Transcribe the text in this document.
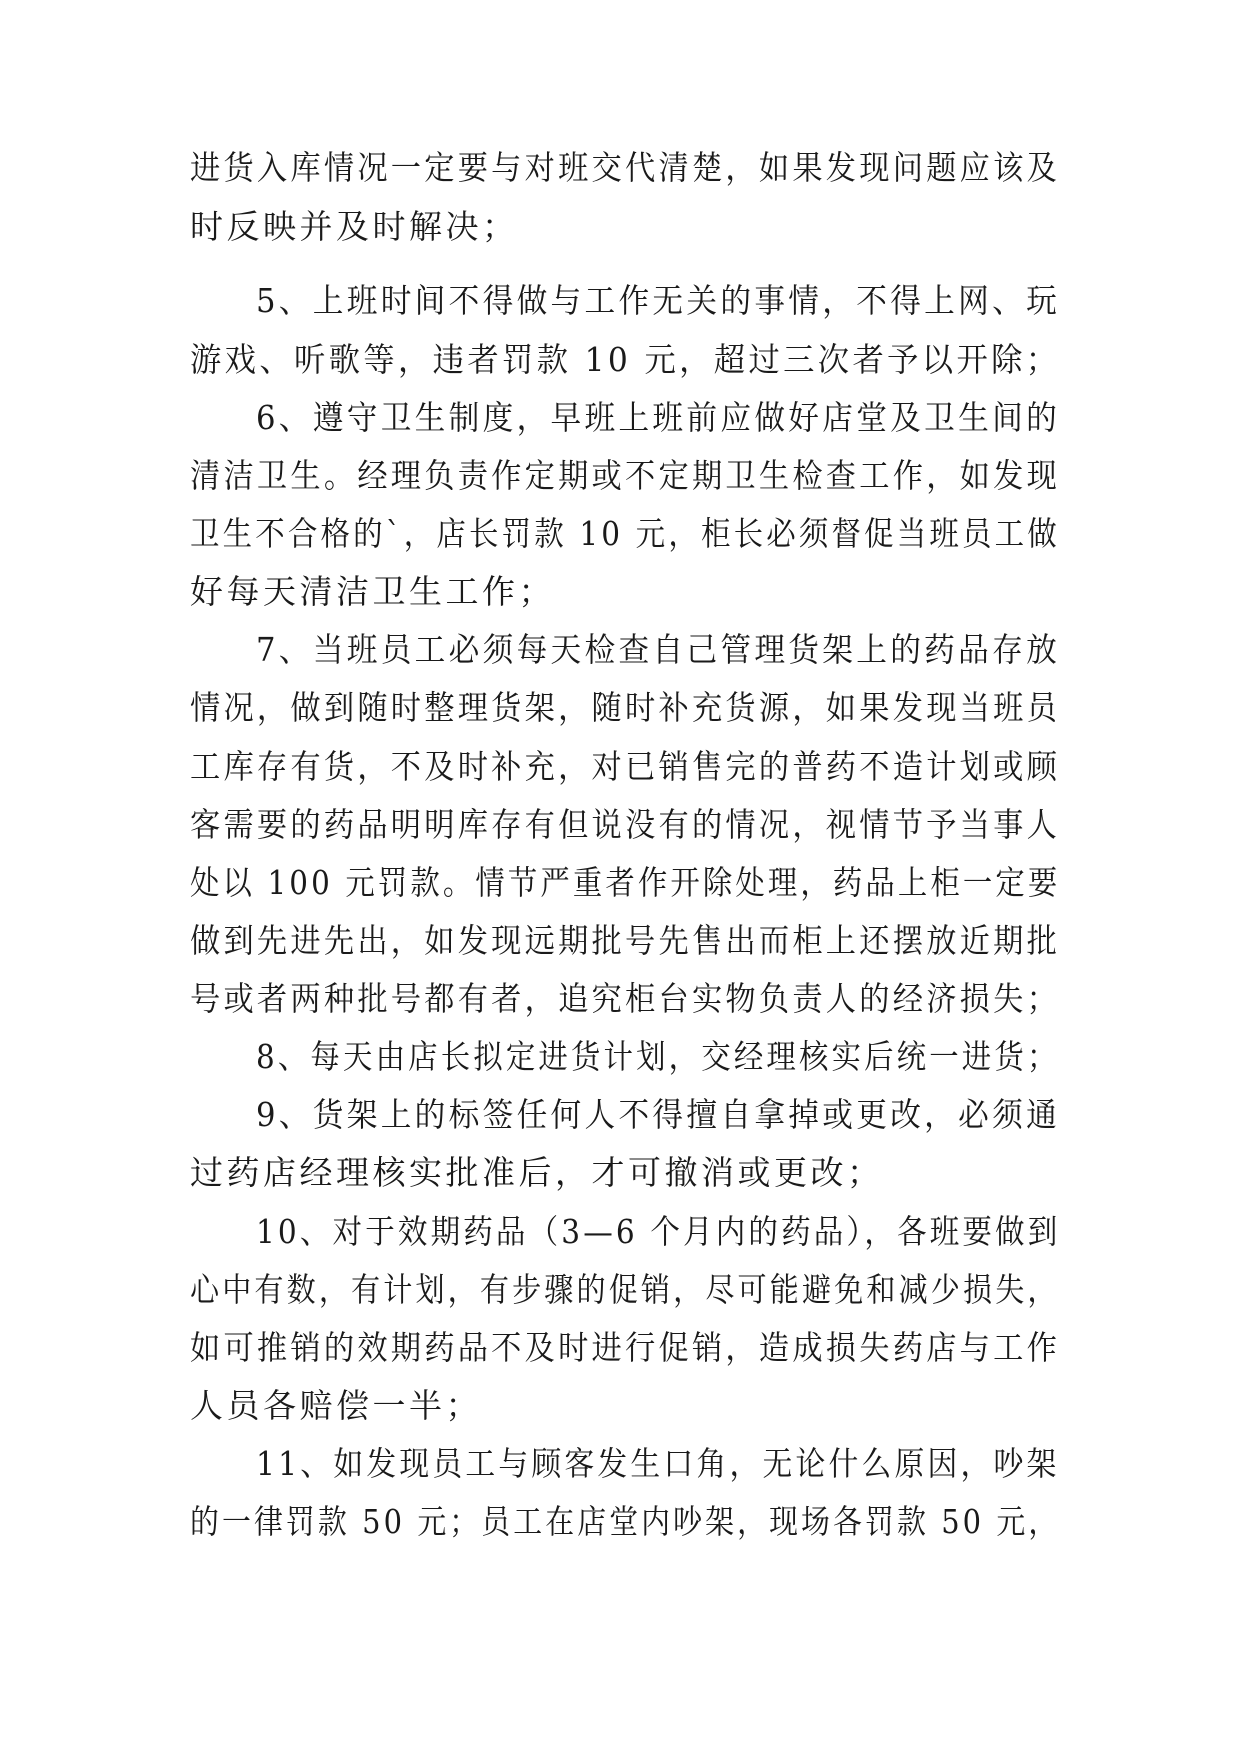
进货入库情况一定要与对班交代清楚，如果发现问题应该及
时反映并及时解决；
5、上班时间不得做与工作无关的事情，不得上网、玩
游戏、听歌等，违者罚款 10 元，超过三次者予以开除；
6、遵守卫生制度，早班上班前应做好店堂及卫生间的
清洁卫生。经理负责作定期或不定期卫生检查工作，如发现
卫生不合格的`，店长罚款 10 元，柜长必须督促当班员工做
好每天清洁卫生工作；
7、当班员工必须每天检查自己管理货架上的药品存放
情况，做到随时整理货架，随时补充货源，如果发现当班员
工库存有货，不及时补充，对已销售完的普药不造计划或顾
客需要的药品明明库存有但说没有的情况，视情节予当事人
处以 100 元罚款。情节严重者作开除处理，药品上柜一定要
做到先进先出，如发现远期批号先售出而柜上还摆放近期批
号或者两种批号都有者，追究柜台实物负责人的经济损失；
8、每天由店长拟定进货计划，交经理核实后统一进货；
9、货架上的标签任何人不得擅自拿掉或更改，必须通
过药店经理核实批准后，才可撤消或更改；
10、对于效期药品（3—6 个月内的药品），各班要做到
心中有数，有计划，有步骤的促销，尽可能避免和减少损失，
如可推销的效期药品不及时进行促销，造成损失药店与工作
人员各赔偿一半；
11、如发现员工与顾客发生口角，无论什么原因，吵架
的一律罚款 50 元；员工在店堂内吵架，现场各罚款 50 元，
